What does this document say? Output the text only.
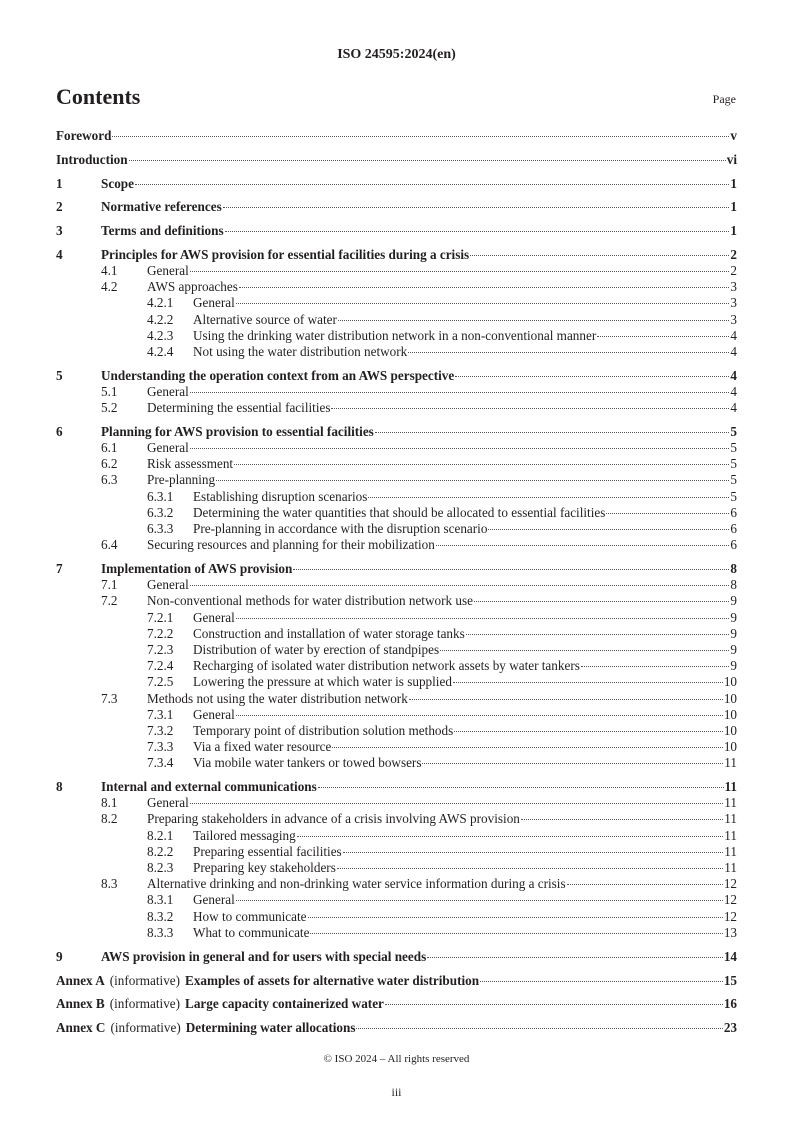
ISO 24595:2024(en)
Contents	Page
Foreword	v
Introduction	vi
1	Scope	1
2	Normative references	1
3	Terms and definitions	1
4	Principles for AWS provision for essential facilities during a crisis	2
4.1	General	2
4.2	AWS approaches	3
4.2.1	General	3
4.2.2	Alternative source of water	3
4.2.3	Using the drinking water distribution network in a non-conventional manner	4
4.2.4	Not using the water distribution network	4
5	Understanding the operation context from an AWS perspective	4
5.1	General	4
5.2	Determining the essential facilities	4
6	Planning for AWS provision to essential facilities	5
6.1	General	5
6.2	Risk assessment	5
6.3	Pre-planning	5
6.3.1	Establishing disruption scenarios	5
6.3.2	Determining the water quantities that should be allocated to essential facilities	6
6.3.3	Pre-planning in accordance with the disruption scenario	6
6.4	Securing resources and planning for their mobilization	6
7	Implementation of AWS provision	8
7.1	General	8
7.2	Non-conventional methods for water distribution network use	9
7.2.1	General	9
7.2.2	Construction and installation of water storage tanks	9
7.2.3	Distribution of water by erection of standpipes	9
7.2.4	Recharging of isolated water distribution network assets by water tankers	9
7.2.5	Lowering the pressure at which water is supplied	10
7.3	Methods not using the water distribution network	10
7.3.1	General	10
7.3.2	Temporary point of distribution solution methods	10
7.3.3	Via a fixed water resource	10
7.3.4	Via mobile water tankers or towed bowsers	11
8	Internal and external communications	11
8.1	General	11
8.2	Preparing stakeholders in advance of a crisis involving AWS provision	11
8.2.1	Tailored messaging	11
8.2.2	Preparing essential facilities	11
8.2.3	Preparing key stakeholders	11
8.3	Alternative drinking and non-drinking water service information during a crisis	12
8.3.1	General	12
8.3.2	How to communicate	12
8.3.3	What to communicate	13
9	AWS provision in general and for users with special needs	14
Annex A (informative) Examples of assets for alternative water distribution	15
Annex B (informative) Large capacity containerized water	16
Annex C (informative) Determining water allocations	23
© ISO 2024 – All rights reserved
iii
